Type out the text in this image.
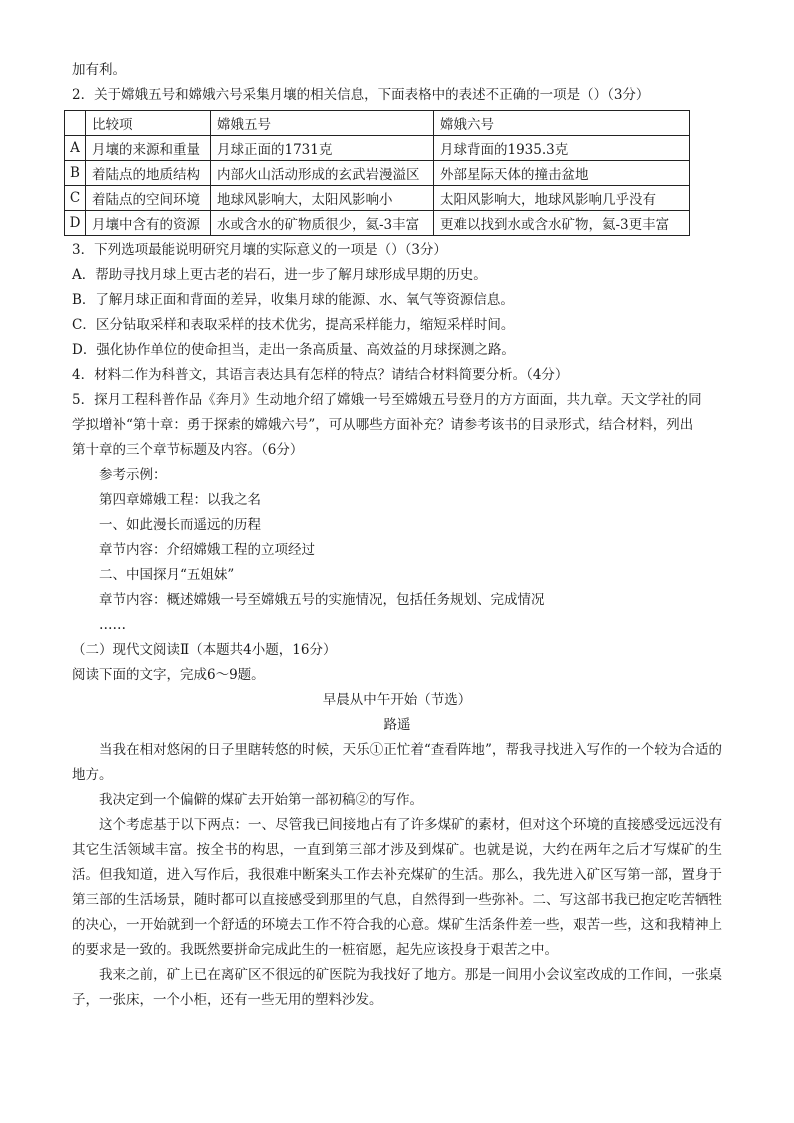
加有利。
2．关于嫦娥五号和嫦娥六号采集月壤的相关信息，下面表格中的表述不正确的一项是（）（3分）
	比较项	嫦娥五号	嫦娥六号
A	月壤的来源和重量	月球正面的1731克	月球背面的1935.3克
B	着陆点的地质结构	内部火山活动形成的玄武岩漫溢区	外部星际天体的撞击盆地
C	着陆点的空间环境	地球风影响大，太阳风影响小	太阳风影响大，地球风影响几乎没有
D	月壤中含有的资源	水或含水的矿物质很少，氦-3丰富	更难以找到水或含水矿物，氦-3更丰富
3．下列选项最能说明研究月壤的实际意义的一项是（）（3分）
A．帮助寻找月球上更古老的岩石，进一步了解月球形成早期的历史。
B．了解月球正面和背面的差异，收集月球的能源、水、氧气等资源信息。
C．区分钻取采样和表取采样的技术优劣，提高采样能力，缩短采样时间。
D．强化协作单位的使命担当，走出一条高质量、高效益的月球探测之路。
4．材料二作为科普文，其语言表达具有怎样的特点？请结合材料简要分析。（4分）
5．探月工程科普作品《奔月》生动地介绍了嫦娥一号至嫦娥五号登月的方方面面，共九章。天文学社的同
学拟增补“第十章：勇于探索的嫦娥六号”，可从哪些方面补充？请参考该书的目录形式，结合材料，列出
第十章的三个章节标题及内容。（6分）
参考示例：
第四章嫦娥工程：以我之名
一、如此漫长而遥远的历程
章节内容：介绍嫦娥工程的立项经过
二、中国探月“五姐妹”
章节内容：概述嫦娥一号至嫦娥五号的实施情况，包括任务规划、完成情况
……
（二）现代文阅读Ⅱ（本题共4小题，16分）
阅读下面的文字，完成6～9题。
早晨从中午开始（节选）
路遥
当我在相对悠闲的日子里瞎转悠的时候，天乐①正忙着“查看阵地”，帮我寻找进入写作的一个较为合适的地方。
我决定到一个偏僻的煤矿去开始第一部初稿②的写作。
这个考虑基于以下两点：一、尽管我已间接地占有了许多煤矿的素材，但对这个环境的直接感受远远没有其它生活领域丰富。按全书的构思，一直到第三部才涉及到煤矿。也就是说，大约在两年之后才写煤矿的生活。但我知道，进入写作后，我很难中断案头工作去补充煤矿的生活。那么，我先进入矿区写第一部，置身于第三部的生活场景，随时都可以直接感受到那里的气息，自然得到一些弥补。二、写这部书我已抱定吃苦牺牲的决心，一开始就到一个舒适的环境去工作不符合我的心意。煤矿生活条件差一些，艰苦一些，这和我精神上的要求是一致的。我既然要拼命完成此生的一桩宿愿，起先应该投身于艰苦之中。
我来之前，矿上已在离矿区不很远的矿医院为我找好了地方。那是一间用小会议室改成的工作间，一张桌子，一张床，一个小柜，还有一些无用的塑料沙发。
